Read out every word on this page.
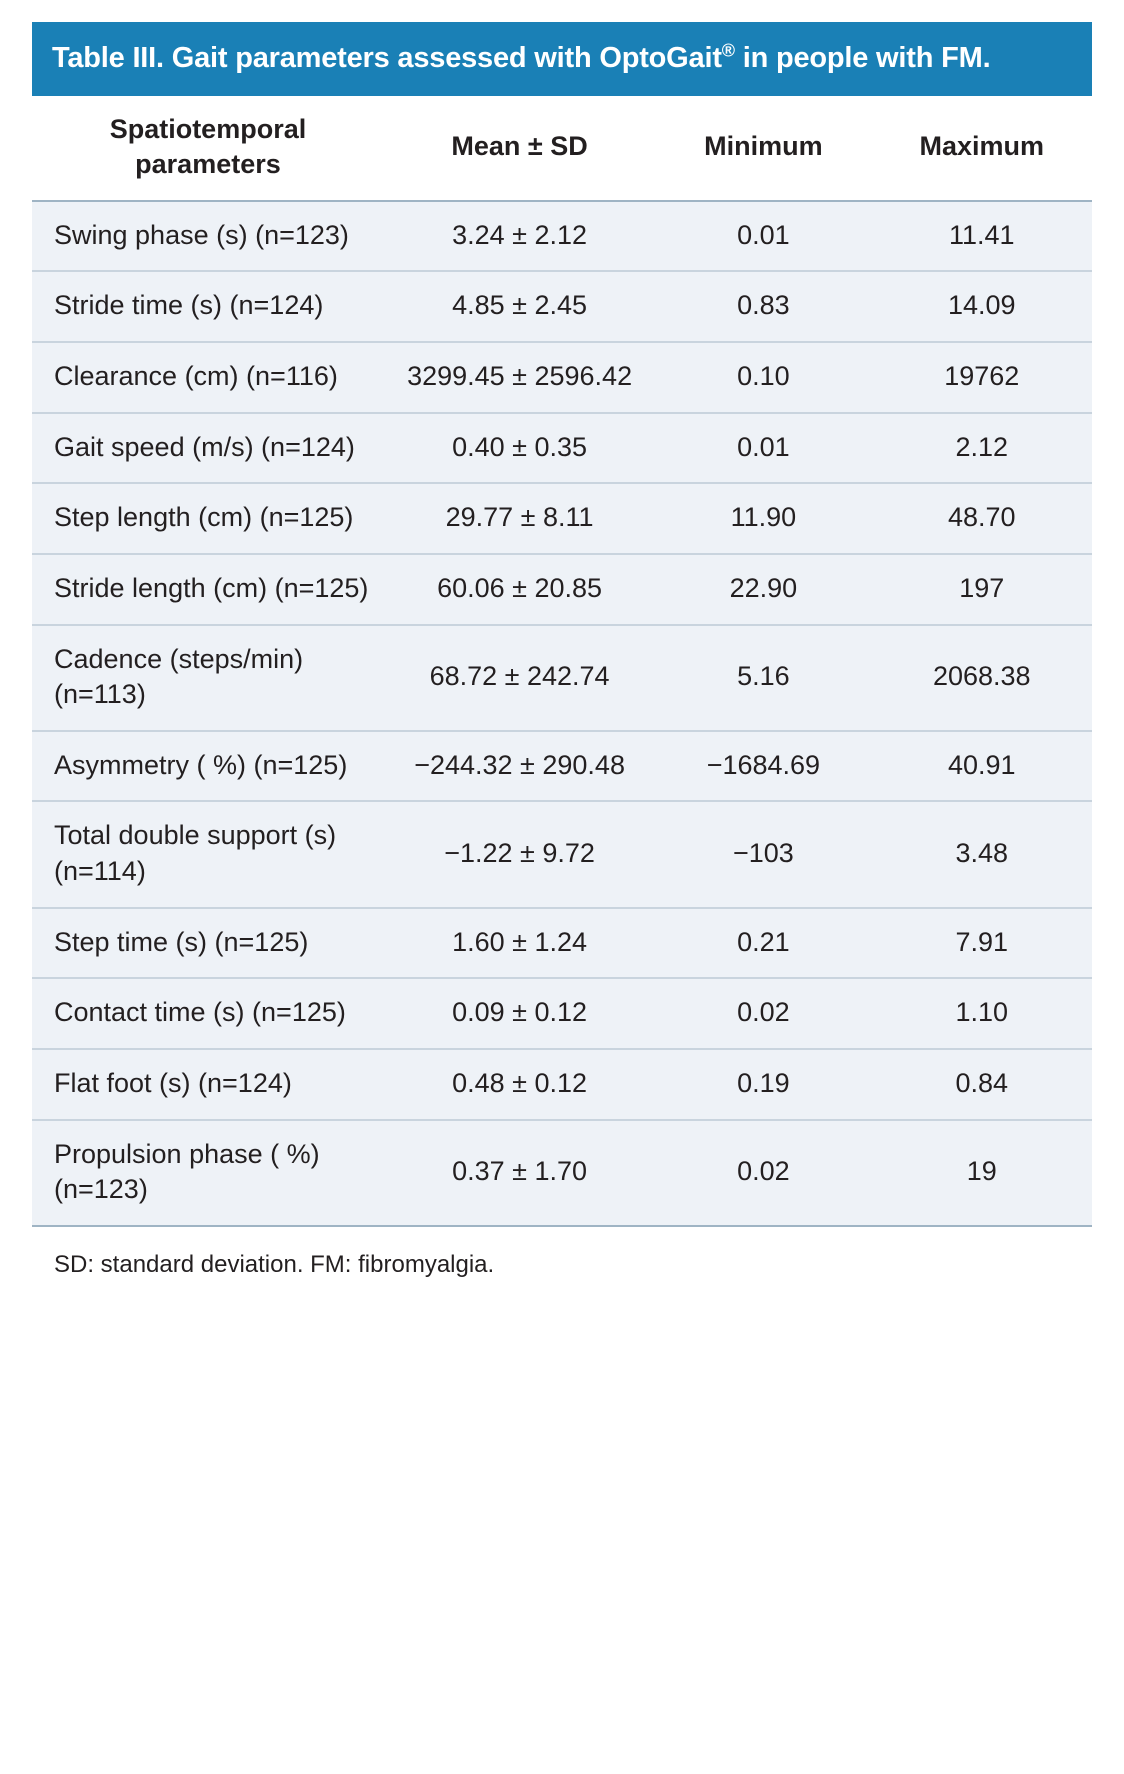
Table III. Gait parameters assessed with OptoGait® in people with FM.
Spatiotemporal parameters	Mean ± SD	Minimum	Maximum
Swing phase (s) (n=123)	3.24 ± 2.12	0.01	11.41
Stride time (s) (n=124)	4.85 ± 2.45	0.83	14.09
Clearance (cm) (n=116)	3299.45 ± 2596.42	0.10	19762
Gait speed (m/s) (n=124)	0.40 ± 0.35	0.01	2.12
Step length (cm) (n=125)	29.77 ± 8.11	11.90	48.70
Stride length (cm) (n=125)	60.06 ± 20.85	22.90	197
Cadence (steps/min) (n=113)	68.72 ± 242.74	5.16	2068.38
Asymmetry ( %) (n=125)	−244.32 ± 290.48	−1684.69	40.91
Total double support (s) (n=114)	−1.22 ± 9.72	−103	3.48
Step time (s) (n=125)	1.60 ± 1.24	0.21	7.91
Contact time (s) (n=125)	0.09 ± 0.12	0.02	1.10
Flat foot (s) (n=124)	0.48 ± 0.12	0.19	0.84
Propulsion phase ( %) (n=123)	0.37 ± 1.70	0.02	19
SD: standard deviation. FM: fibromyalgia.
